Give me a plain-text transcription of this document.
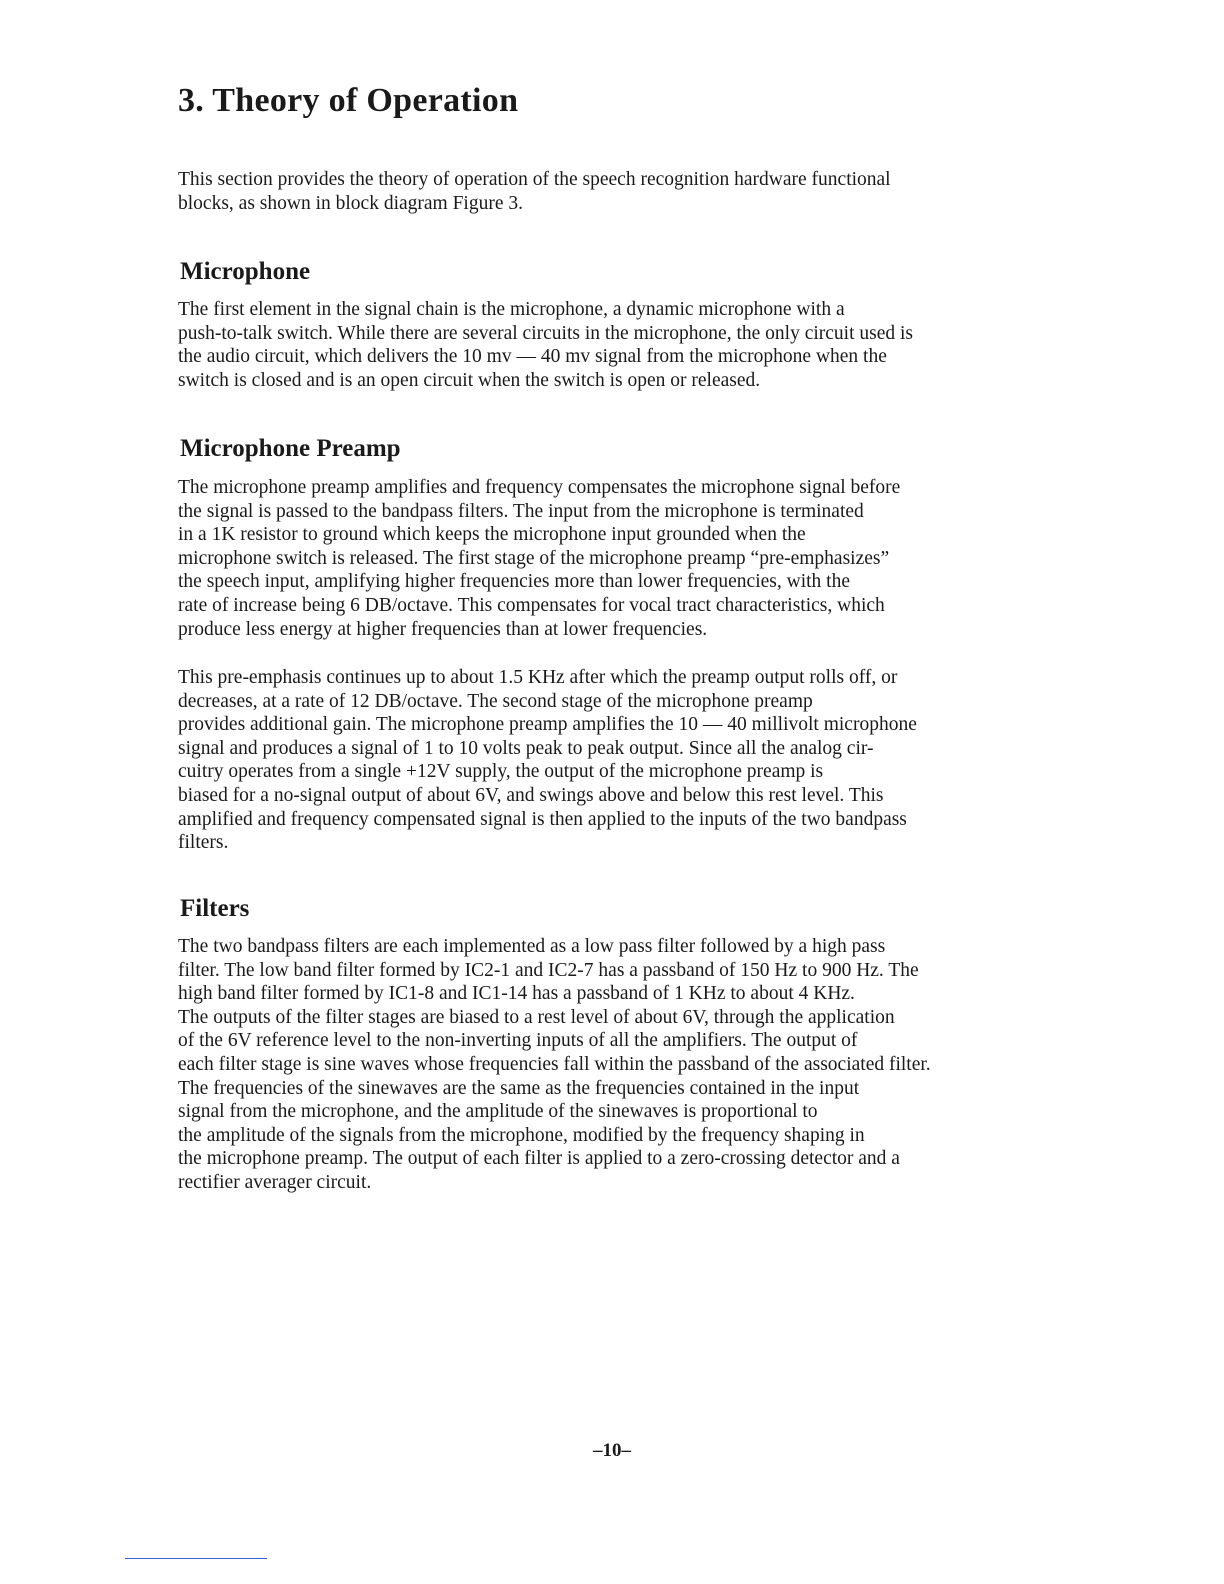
3. Theory of Operation

This section provides the theory of operation of the speech recognition hardware functional
blocks, as shown in block diagram Figure 3.

Microphone

The first element in the signal chain is the microphone, a dynamic microphone with a
push-to-talk switch. While there are several circuits in the microphone, the only circuit used is
the audio circuit, which delivers the 10 mv — 40 mv signal from the microphone when the
switch is closed and is an open circuit when the switch is open or released.

Microphone Preamp

The microphone preamp amplifies and frequency compensates the microphone signal before
the signal is passed to the bandpass filters. The input from the microphone is terminated
in a 1K resistor to ground which keeps the microphone input grounded when the
microphone switch is released. The first stage of the microphone preamp “pre-emphasizes”
the speech input, amplifying higher frequencies more than lower frequencies, with the
rate of increase being 6 DB/octave. This compensates for vocal tract characteristics, which
produce less energy at higher frequencies than at lower frequencies.

This pre-emphasis continues up to about 1.5 KHz after which the preamp output rolls off, or
decreases, at a rate of 12 DB/octave. The second stage of the microphone preamp
provides additional gain. The microphone preamp amplifies the 10 — 40 millivolt microphone
signal and produces a signal of 1 to 10 volts peak to peak output. Since all the analog cir-
cuitry operates from a single +12V supply, the output of the microphone preamp is
biased for a no-signal output of about 6V, and swings above and below this rest level. This
amplified and frequency compensated signal is then applied to the inputs of the two bandpass
filters.

Filters

The two bandpass filters are each implemented as a low pass filter followed by a high pass
filter. The low band filter formed by IC2-1 and IC2-7 has a passband of 150 Hz to 900 Hz. The
high band filter formed by IC1-8 and IC1-14 has a passband of 1 KHz to about 4 KHz.
The outputs of the filter stages are biased to a rest level of about 6V, through the application
of the 6V reference level to the non-inverting inputs of all the amplifiers. The output of
each filter stage is sine waves whose frequencies fall within the passband of the associated filter.
The frequencies of the sinewaves are the same as the frequencies contained in the input
signal from the microphone, and the amplitude of the sinewaves is proportional to
the amplitude of the signals from the microphone, modified by the frequency shaping in
the microphone preamp. The output of each filter is applied to a zero-crossing detector and a
rectifier averager circuit.

–10–
